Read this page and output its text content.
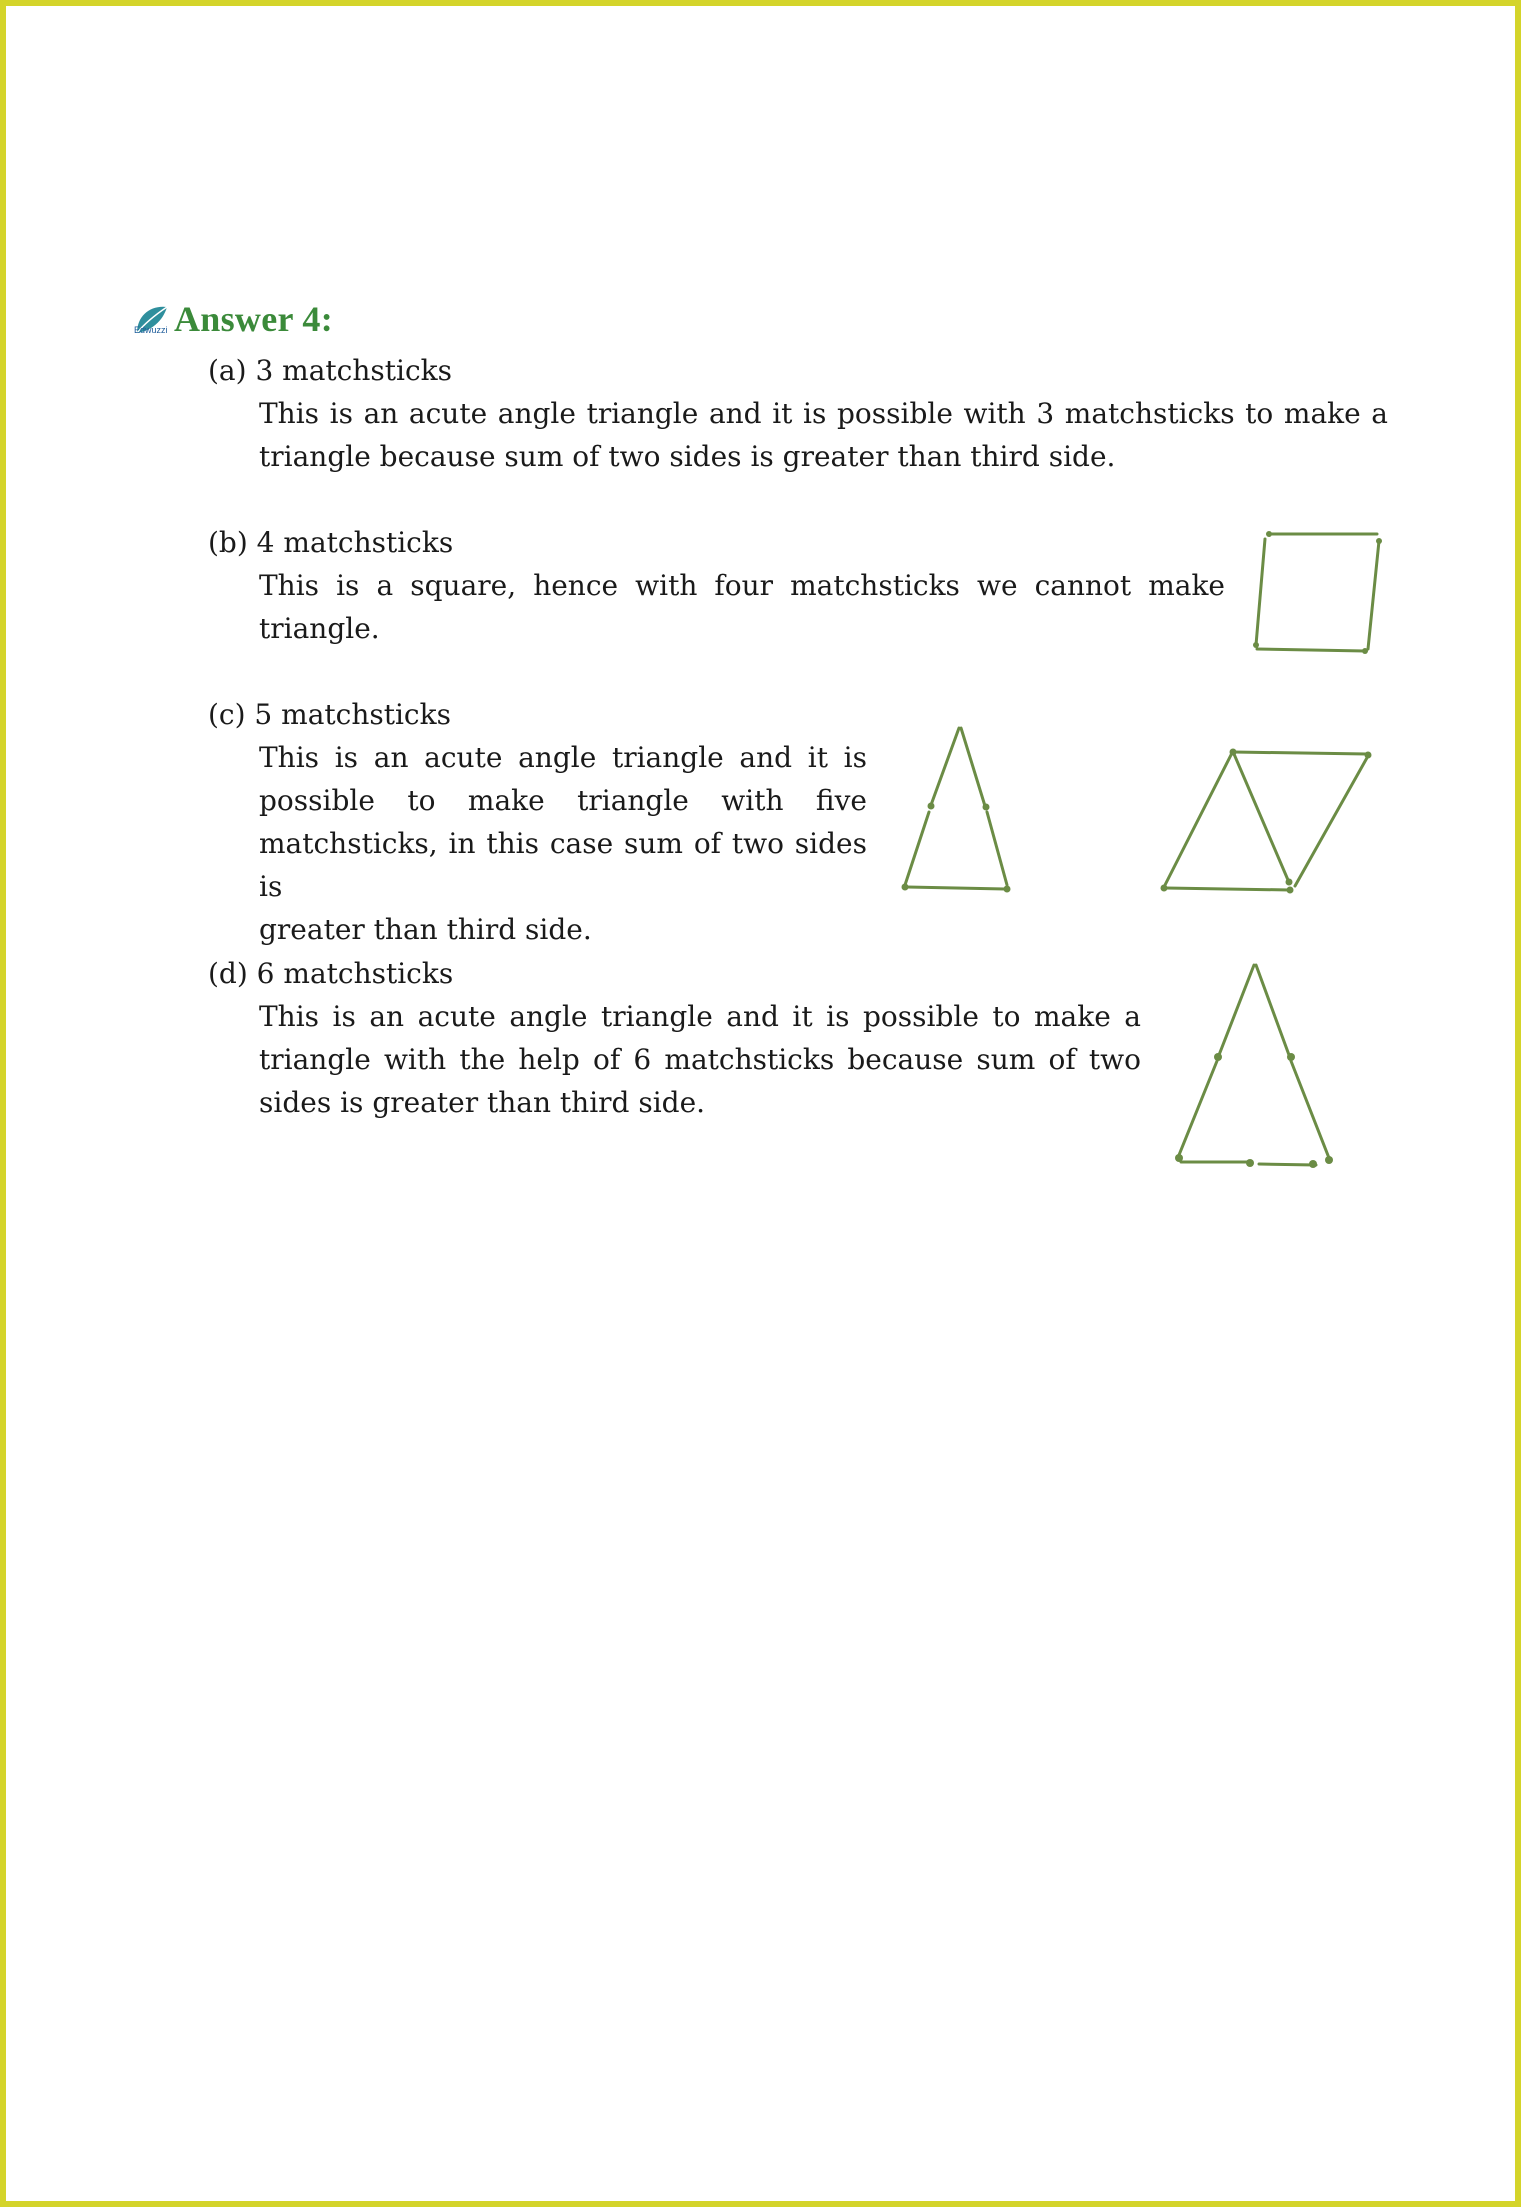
Edwuzzi Answer 4:
(a) 3 matchsticks
This is an acute angle triangle and it is possible with 3 matchsticks to make a
triangle because sum of two sides is greater than third side.
(b) 4 matchsticks
This is a square, hence with four matchsticks we cannot make
triangle.
(c) 5 matchsticks
This is an acute angle triangle and it is
possible to make triangle with five
matchsticks, in this case sum of two sides is
greater than third side.
(d) 6 matchsticks
This is an acute angle triangle and it is possible to make a
triangle with the help of 6 matchsticks because sum of two
sides is greater than third side.
